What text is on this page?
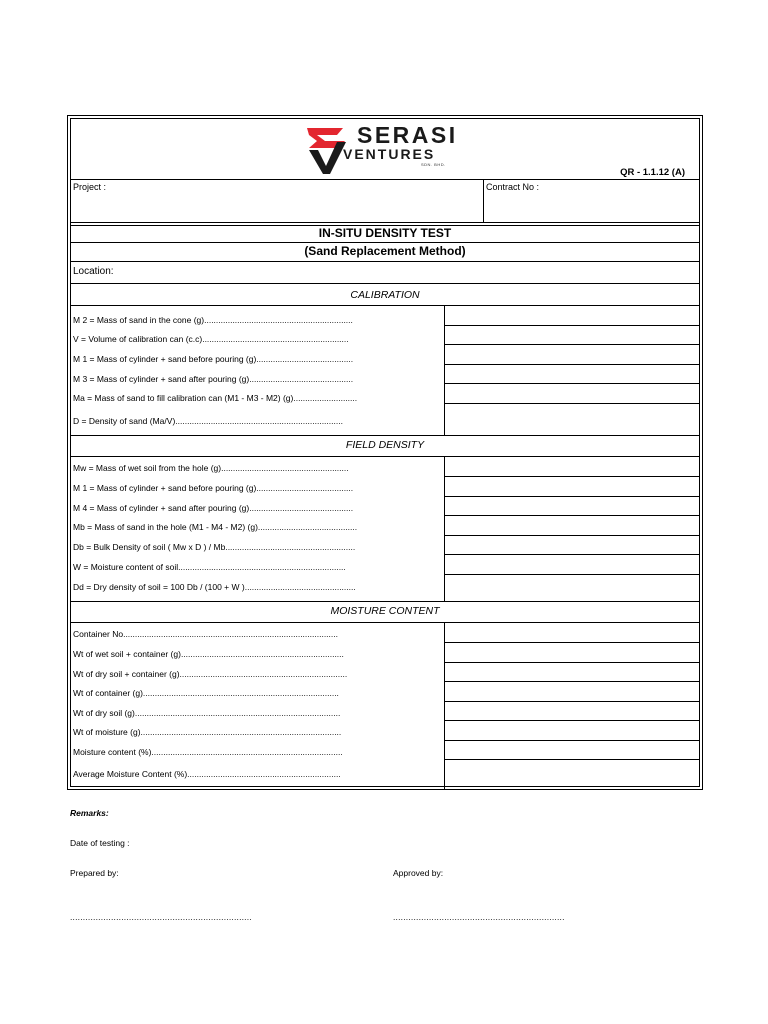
SERASI
VENTURES
SDN. BHD.
QR - 1.1.12 (A)
Project :	Contract No :
IN-SITU DENSITY TEST
(Sand Replacement Method)
Location:
CALIBRATION
M 2 = Mass of sand in the cone (g)...............................................................
V = Volume of calibration can (c.c)..............................................................
M 1 = Mass of cylinder + sand before pouring (g).........................................
M 3 = Mass of cylinder + sand after pouring (g)............................................
Ma = Mass of sand to fill calibration can (M1 - M3 - M2) (g)...........................
D = Density of sand (Ma/V).......................................................................
FIELD DENSITY
Mw = Mass of wet soil from the hole (g)......................................................
M 1 = Mass of cylinder + sand before pouring (g).........................................
M 4 = Mass of cylinder + sand after pouring (g)............................................
Mb = Mass of sand in the hole (M1 - M4 - M2) (g)..........................................
Db = Bulk Density of soil ( Mw x D ) / Mb.......................................................
W = Moisture content of soil.......................................................................
Dd = Dry density of soil = 100 Db / (100 + W )...............................................
MOISTURE CONTENT
Container No...........................................................................................
Wt of wet soil + container (g).....................................................................
Wt of dry soil + container (g).......................................................................
Wt of container (g)...................................................................................
Wt of dry soil (g).......................................................................................
Wt of moisture (g).....................................................................................
Moisture content (%).................................................................................
Average Moisture Content (%).................................................................
Remarks:
Date of testing :
Prepared by:	Approved by:
.......................................................................	...................................................................
